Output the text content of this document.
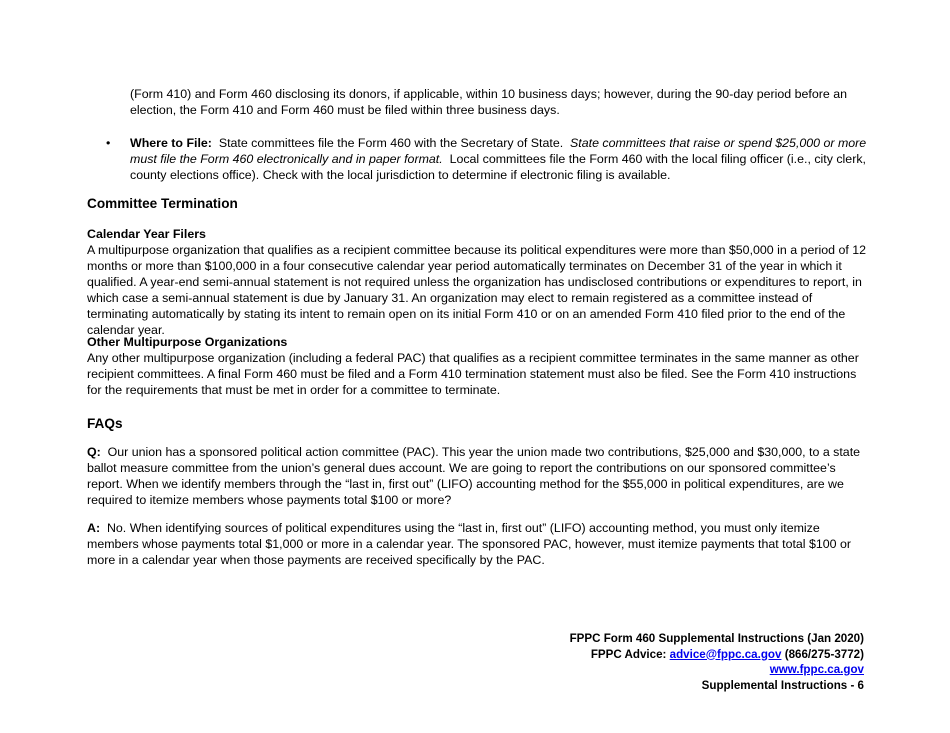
(Form 410) and Form 460 disclosing its donors, if applicable, within 10 business days; however, during the 90-day period before an election, the Form 410 and Form 460 must be filed within three business days.

•	Where to File: State committees file the Form 460 with the Secretary of State. State committees that raise or spend $25,000 or more must file the Form 460 electronically and in paper format. Local committees file the Form 460 with the local filing officer (i.e., city clerk, county elections office). Check with the local jurisdiction to determine if electronic filing is available.

Committee Termination
Calendar Year Filers

A multipurpose organization that qualifies as a recipient committee because its political expenditures were more than $50,000 in a period of 12 months or more than $100,000 in a four consecutive calendar year period automatically terminates on December 31 of the year in which it qualified. A year-end semi-annual statement is not required unless the organization has undisclosed contributions or expenditures to report, in which case a semi-annual statement is due by January 31. An organization may elect to remain registered as a committee instead of terminating automatically by stating its intent to remain open on its initial Form 410 or on an amended Form 410 filed prior to the end of the calendar year.

Other Multipurpose Organizations

Any other multipurpose organization (including a federal PAC) that qualifies as a recipient committee terminates in the same manner as other recipient committees. A final Form 460 must be filed and a Form 410 termination statement must also be filed. See the Form 410 instructions for the requirements that must be met in order for a committee to terminate.

FAQs

Q: Our union has a sponsored political action committee (PAC). This year the union made two contributions, $25,000 and $30,000, to a state ballot measure committee from the union’s general dues account. We are going to report the contributions on our sponsored committee’s report. When we identify members through the “last in, first out” (LIFO) accounting method for the $55,000 in political expenditures, are we required to itemize members whose payments total $100 or more?

A: No. When identifying sources of political expenditures using the “last in, first out” (LIFO) accounting method, you must only itemize members whose payments total $1,000 or more in a calendar year. The sponsored PAC, however, must itemize payments that total $100 or more in a calendar year when those payments are received specifically by the PAC.

FPPC Form 460 Supplemental Instructions (Jan 2020)
FPPC Advice: advice@fppc.ca.gov (866/275-3772)
www.fppc.ca.gov
Supplemental Instructions - 6
